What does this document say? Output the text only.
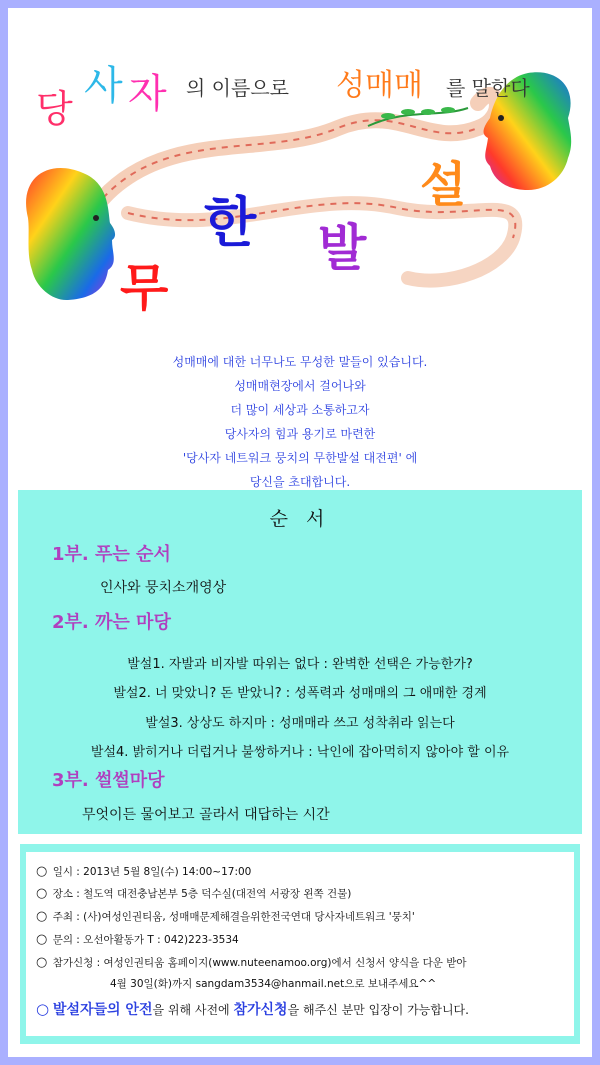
당 사 자 의 이름으로 성매매 를 말한다
무
한 발
설
성매매에 대한 너무나도 무성한 말들이 있습니다.
성매매현장에서 걸어나와
더 많이 세상과 소통하고자
당사자의 힘과 용기로 마련한
'당사자 네트워크 뭉치의 무한발설 대전편' 에
당신을 초대합니다.
순 서
1부. 푸는 순서
인사와 뭉치소개영상
2부. 까는 마당
발설1. 자발과 비자발 따위는 없다 : 완벽한 선택은 가능한가?
발설2. 너 맞았니? 돈 받았니? : 성폭력과 성매매의 그 애매한 경계
발설3. 상상도 하지마 : 성매매라 쓰고 성착취라 읽는다
발설4. 밝히거나 더럽거나 불쌍하거나 : 낙인에 잡아먹히지 않아야 할 이유
3부. 썰썰마당
무엇이든 물어보고 골라서 대답하는 시간
○ 일시 : 2013년 5월 8일(수) 14:00~17:00
○ 장소 : 철도역 대전충남본부 5층 덕수실(대전역 서광장 왼쪽 건물)
○ 주최 : (사)여성인권티움, 성매매문제해결을위한전국연대 당사자네트워크 '뭉치'
○ 문의 : 오선아활동가 T : 042)223-3534
○ 참가신청 : 여성인권티움 홈페이지(www.nuteenamoo.org)에서 신청서 양식을 다운 받아
4월 30일(화)까지 sangdam3534@hanmail.net으로 보내주세요^^
○ 발설자들의 안전을 위해 사전에 참가신청을 해주신 분만 입장이 가능합니다.
